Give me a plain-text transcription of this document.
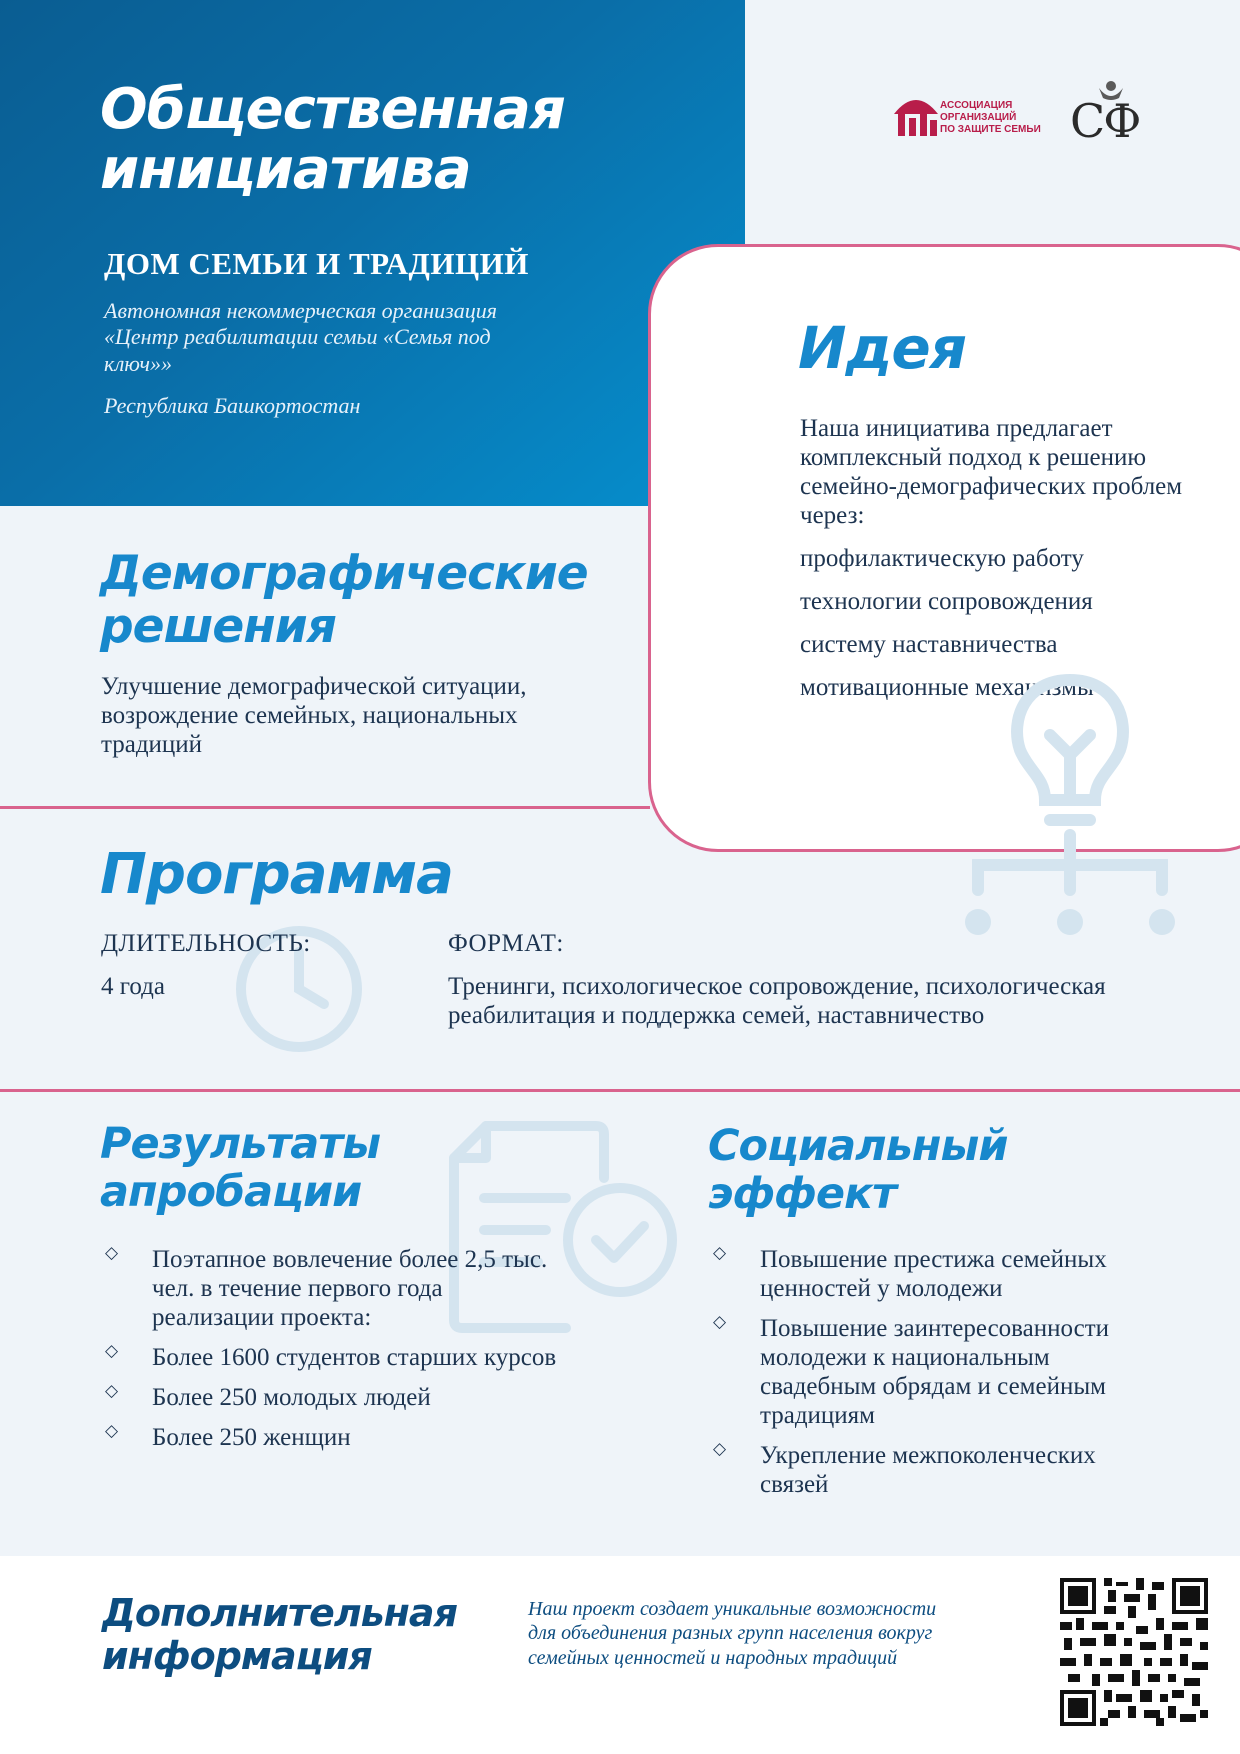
Общественная
инициатива
ДОМ СЕМЬИ И ТРАДИЦИЙ
Автономная некоммерческая организация
«Центр реабилитации семьи «Семья под
ключ»»
Республика Башкортостан
АССОЦИАЦИЯ
ОРГАНИЗАЦИЙ
ПО ЗАЩИТЕ СЕМЬИ СФ
Идея
Наша инициатива предлагает комплексный подход к решению семейно-демографических проблем через:
профилактическую работу
технологии сопровождения
систему наставничества
мотивационные механизмы
Демографические
решения
Улучшение демографической ситуации, возрождение семейных, национальных традиций
Программа
ДЛИТЕЛЬНОСТЬ:
4 года
ФОРМАТ:
Тренинги, психологическое сопровождение, психологическая реабилитация и поддержка семей, наставничество
Результаты
апробации
◇ Поэтапное вовлечение более 2,5 тыс. чел. в течение первого года реализации проекта:
◇ Более 1600 студентов старших курсов
◇ Более 250 молодых людей
◇ Более 250 женщин
Социальный
эффект
◇ Повышение престижа семейных ценностей у молодежи
◇ Повышение заинтересованности молодежи к национальным свадебным обрядам и семейным традициям
◇ Укрепление межпоколенческих связей
Дополнительная
информация
Наш проект создает уникальные возможности для объединения разных групп населения вокруг семейных ценностей и народных традиций
